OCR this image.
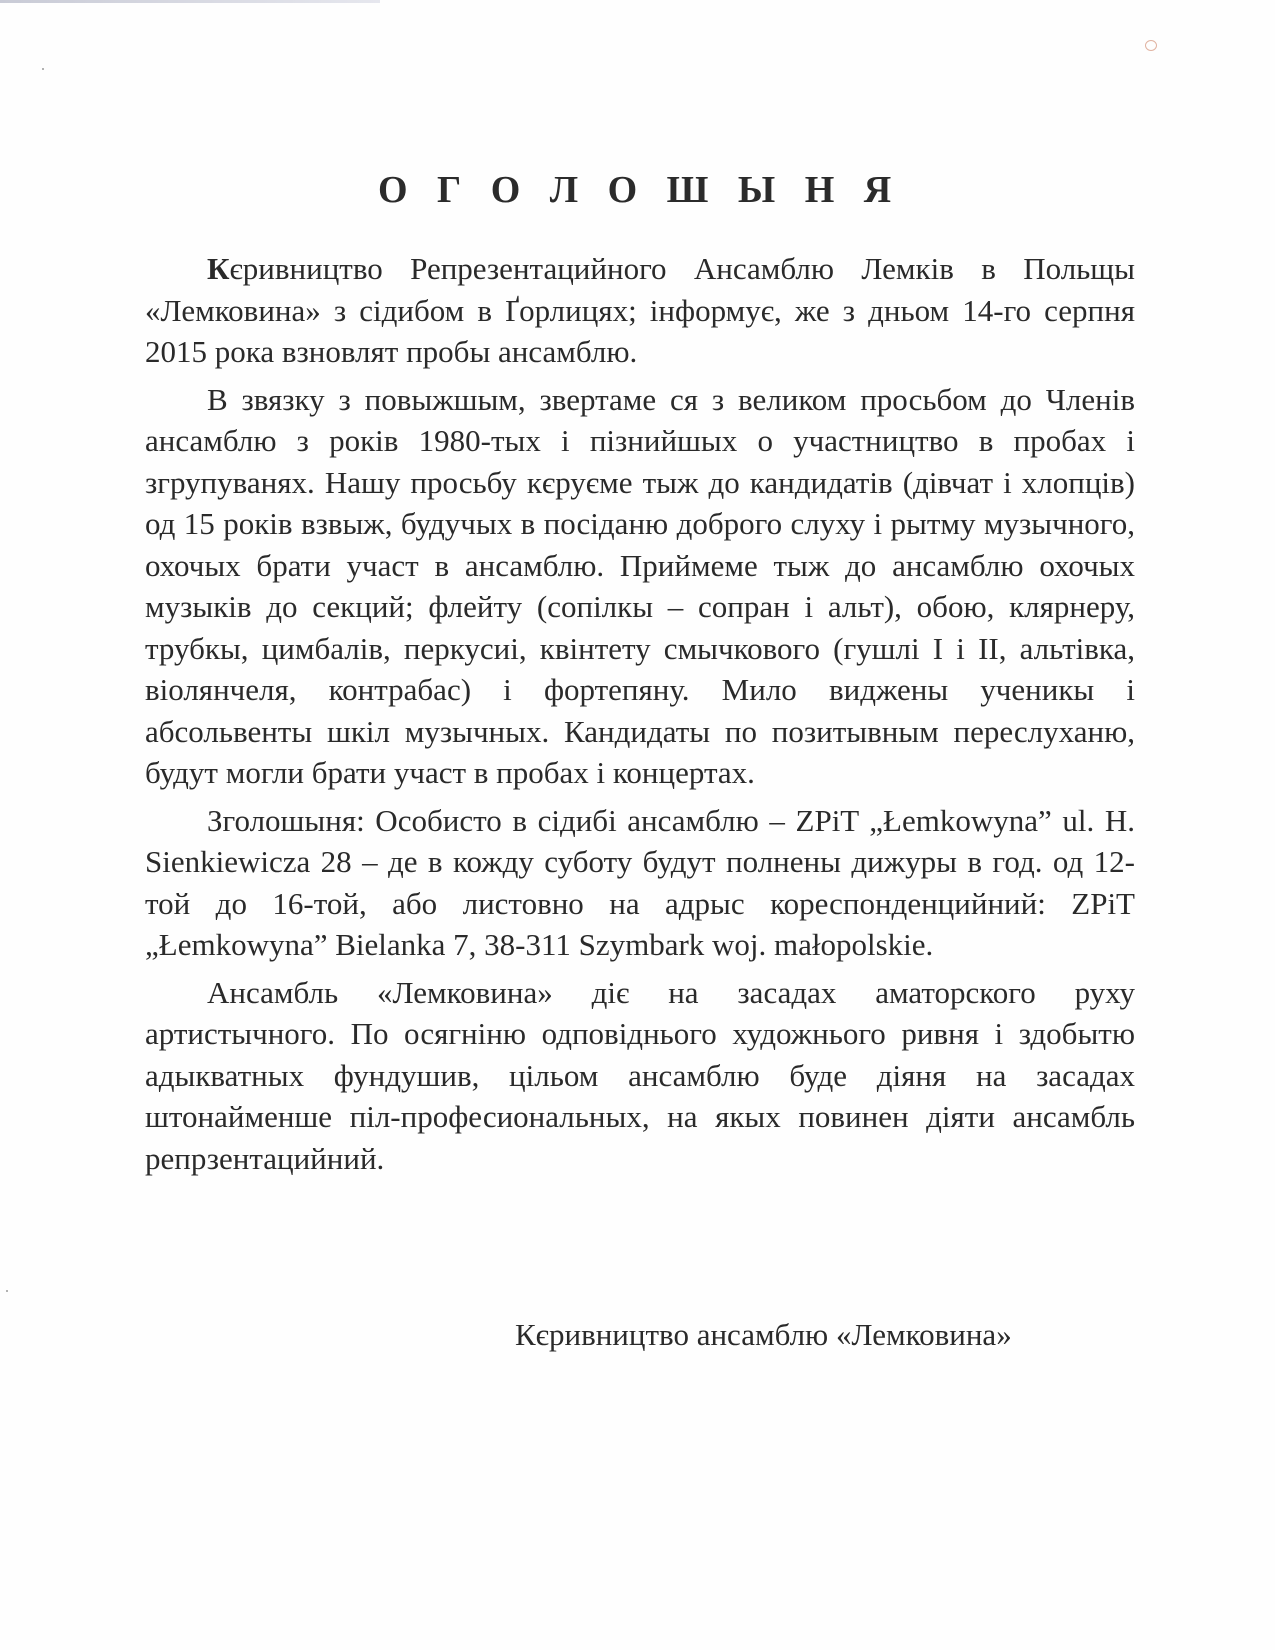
О Г О Л О Ш Ы Н Я

Кєривництво Репрезентацийного Ансамблю Лемків в Польщы «Лемковина» з сідибом в Ґорлицях; інформує, же з дньом 14-го серпня 2015 рока взновлят пробы ансамблю.

В звязку з повыжшым, звертаме ся з великом просьбом до Членів ансамблю з років 1980-тых і пізнийшых о участництво в пробах і згрупуванях. Нашу просьбу кєруєме тыж до кандидатів (дівчат і хлопців) од 15 років взвыж, будучых в посіданю доброго слуху і рытму музычного, охочых брати участ в ансамблю. Приймеме тыж до ансамблю охочых музыків до секций; флейту (сопілкы – сопран і альт), обою, клярнеру, трубкы, цимбалів, перкусиі, квінтету смычкового (гушлі І і ІІ, альтівка, віолянчеля, контрабас) і фортепяну. Мило виджены ученикы і абсольвенты шкіл музычных. Кандидаты по позитывным переслуханю, будут могли брати участ в пробах і концертах.

Зголошыня: Особисто в сідибі ансамблю – ZPiT „Łemkowyna” ul. H. Sienkiewicza 28 – де в кожду суботу будут полнены дижуры в год. од 12-той до 16-той, або листовно на адрыс кореспонденцийний: ZPiT „Łemkowyna” Bielanka 7, 38-311 Szymbark woj. małopolskie.

Ансамбль «Лемковина» діє на засадах аматорского руху артистычного. По осягніню одповіднього художнього ривня і здобытю адыкватных фундушив, цільом ансамблю буде діяня на засадах штонайменше піл-професиональных, на якых повинен діяти ансамбль репрзентацийний.

Кєривництво ансамблю «Лемковина»
